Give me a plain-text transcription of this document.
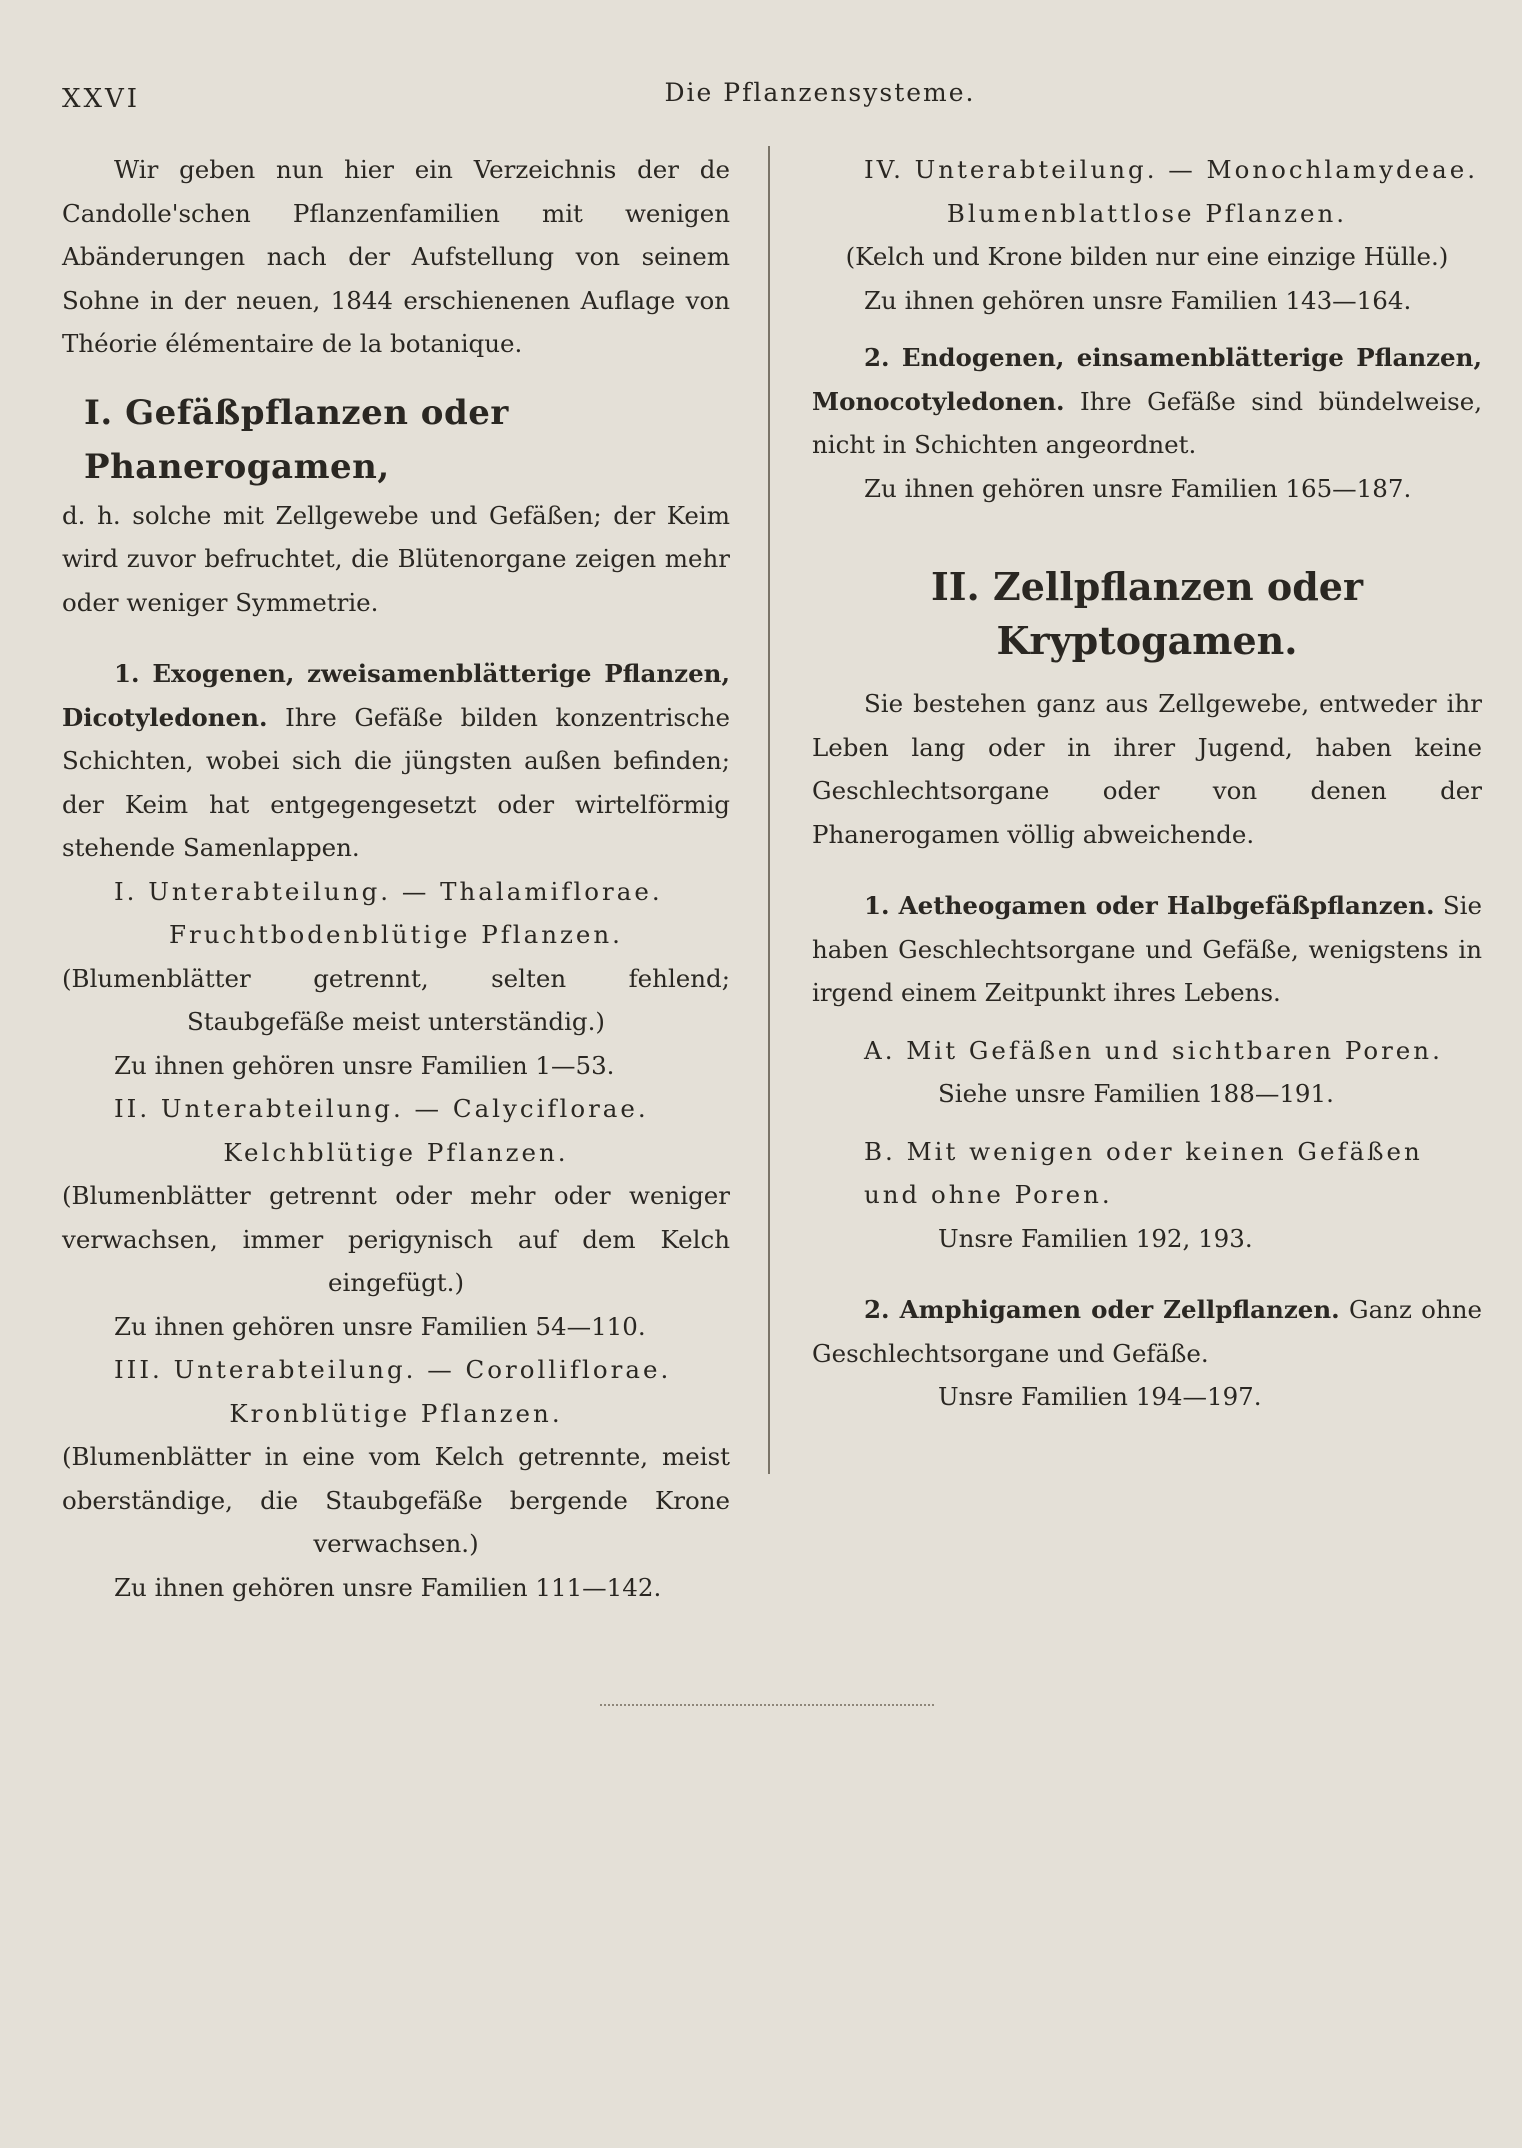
XXVI	Die Pflanzensysteme.

Wir geben nun hier ein Verzeichnis der de Candolle'schen Pflanzenfamilien mit wenigen Abänderungen nach der Aufstellung von seinem Sohne in der neuen, 1844 erschienenen Auflage von Théorie élémentaire de la botanique.

I. Gefäßpflanzen oder Phanerogamen,

d. h. solche mit Zellgewebe und Gefäßen; der Keim wird zuvor befruchtet, die Blütenorgane zeigen mehr oder weniger Symmetrie.

1. Exogenen, zweisamenblätterige Pflanzen, Dicotyledonen. Ihre Gefäße bilden konzentrische Schichten, wobei sich die jüngsten außen befinden; der Keim hat entgegengesetzt oder wirtelförmig stehende Samenlappen.

I. Unterabteilung. — Thalamiflorae.

Fruchtbodenblütige Pflanzen.

(Blumenblätter getrennt, selten fehlend; Staubgefäße meist unterständig.)

Zu ihnen gehören unsre Familien 1—53.

II. Unterabteilung. — Calyciflorae.

Kelchblütige Pflanzen.

(Blumenblätter getrennt oder mehr oder weniger verwachsen, immer perigynisch auf dem Kelch eingefügt.)

Zu ihnen gehören unsre Familien 54—110.

III. Unterabteilung. — Corolliflorae.

Kronblütige Pflanzen.

(Blumenblätter in eine vom Kelch getrennte, meist oberständige, die Staubgefäße bergende Krone verwachsen.)

Zu ihnen gehören unsre Familien 111—142.

IV. Unterabteilung. — Monochlamydeae.

Blumenblattlose Pflanzen.

(Kelch und Krone bilden nur eine einzige Hülle.)

Zu ihnen gehören unsre Familien 143—164.

2. Endogenen, einsamenblätterige Pflanzen, Monocotyledonen. Ihre Gefäße sind bündelweise, nicht in Schichten angeordnet.

Zu ihnen gehören unsre Familien 165—187.

II. Zellpflanzen oder Kryptogamen.

Sie bestehen ganz aus Zellgewebe, entweder ihr Leben lang oder in ihrer Jugend, haben keine Geschlechtsorgane oder von denen der Phanerogamen völlig abweichende.

1. Aetheogamen oder Halbgefäßpflanzen. Sie haben Geschlechtsorgane und Gefäße, wenigstens in irgend einem Zeitpunkt ihres Lebens.

A. Mit Gefäßen und sichtbaren Poren.

Siehe unsre Familien 188—191.

B. Mit wenigen oder keinen Gefäßen und ohne Poren.

Unsre Familien 192, 193.

2. Amphigamen oder Zellpflanzen. Ganz ohne Geschlechtsorgane und Gefäße.

Unsre Familien 194—197.
